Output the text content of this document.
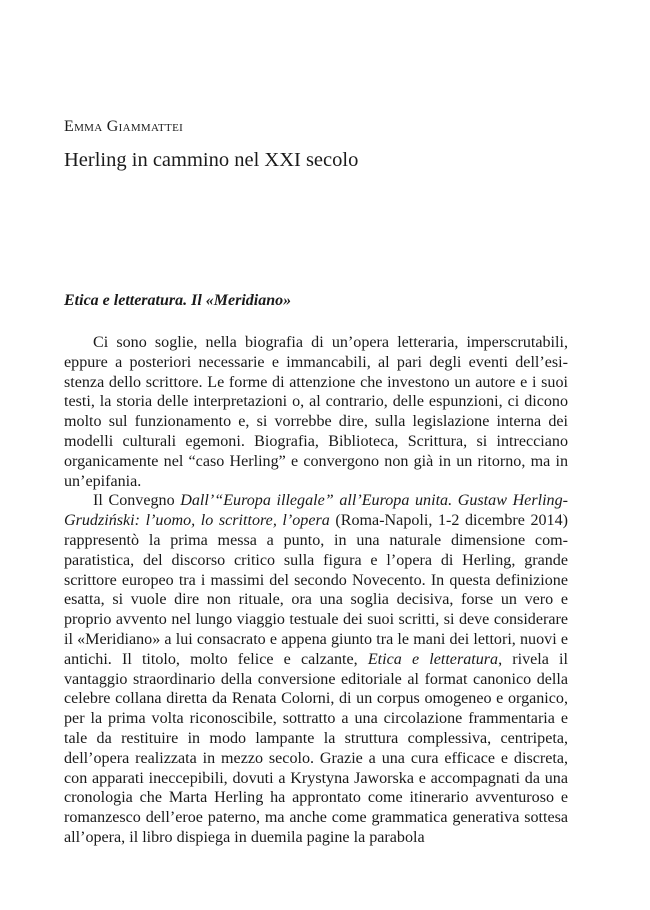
Emma Giammattei

Herling in cammino nel XXI secolo
Etica e letteratura. Il «Meridiano»

Ci sono soglie, nella biografia di un’opera letteraria, imperscrutabili, eppure a posteriori necessarie e immancabili, al pari degli eventi dell’esistenza dello scrittore. Le forme di attenzione che investono un autore e i suoi testi, la storia delle interpretazioni o, al contrario, delle espunzioni, ci dicono molto sul funzionamento e, si vorrebbe dire, sulla legislazione interna dei modelli culturali egemoni. Biografia, Biblioteca, Scrittura, si intrecciano organicamente nel “caso Herling” e convergono non già in un ritorno, ma in un’epifania.

Il Convegno Dall’“Europa illegale” all’Europa unita. Gustaw Herling-Grudziński: l’uomo, lo scrittore, l’opera (Roma-Napoli, 1-2 dicembre 2014) rappresentò la prima messa a punto, in una naturale dimensione comparatistica, del discorso critico sulla figura e l’opera di Herling, grande scrittore europeo tra i massimi del secondo Novecento. In questa definizione esatta, si vuole dire non rituale, ora una soglia decisiva, forse un vero e proprio avvento nel lungo viaggio testuale dei suoi scritti, si deve considerare il «Meridiano» a lui consacrato e appena giunto tra le mani dei lettori, nuovi e antichi. Il titolo, molto felice e calzante, Etica e letteratura, rivela il vantaggio straordinario della conversione editoriale al format canonico della celebre collana diretta da Renata Colorni, di un corpus omogeneo e organico, per la prima volta riconoscibile, sottratto a una circolazione frammentaria e tale da restituire in modo lampante la struttura complessiva, centripeta, dell’opera realizzata in mezzo secolo. Grazie a una cura efficace e discreta, con apparati ineccepibili, dovuti a Krystyna Jaworska e accompagnati da una cronologia che Marta Herling ha approntato come itinerario avventuroso e romanzesco dell’eroe paterno, ma anche come grammatica generativa sottesa all’opera, il libro dispiega in duemila pagine la parabola
